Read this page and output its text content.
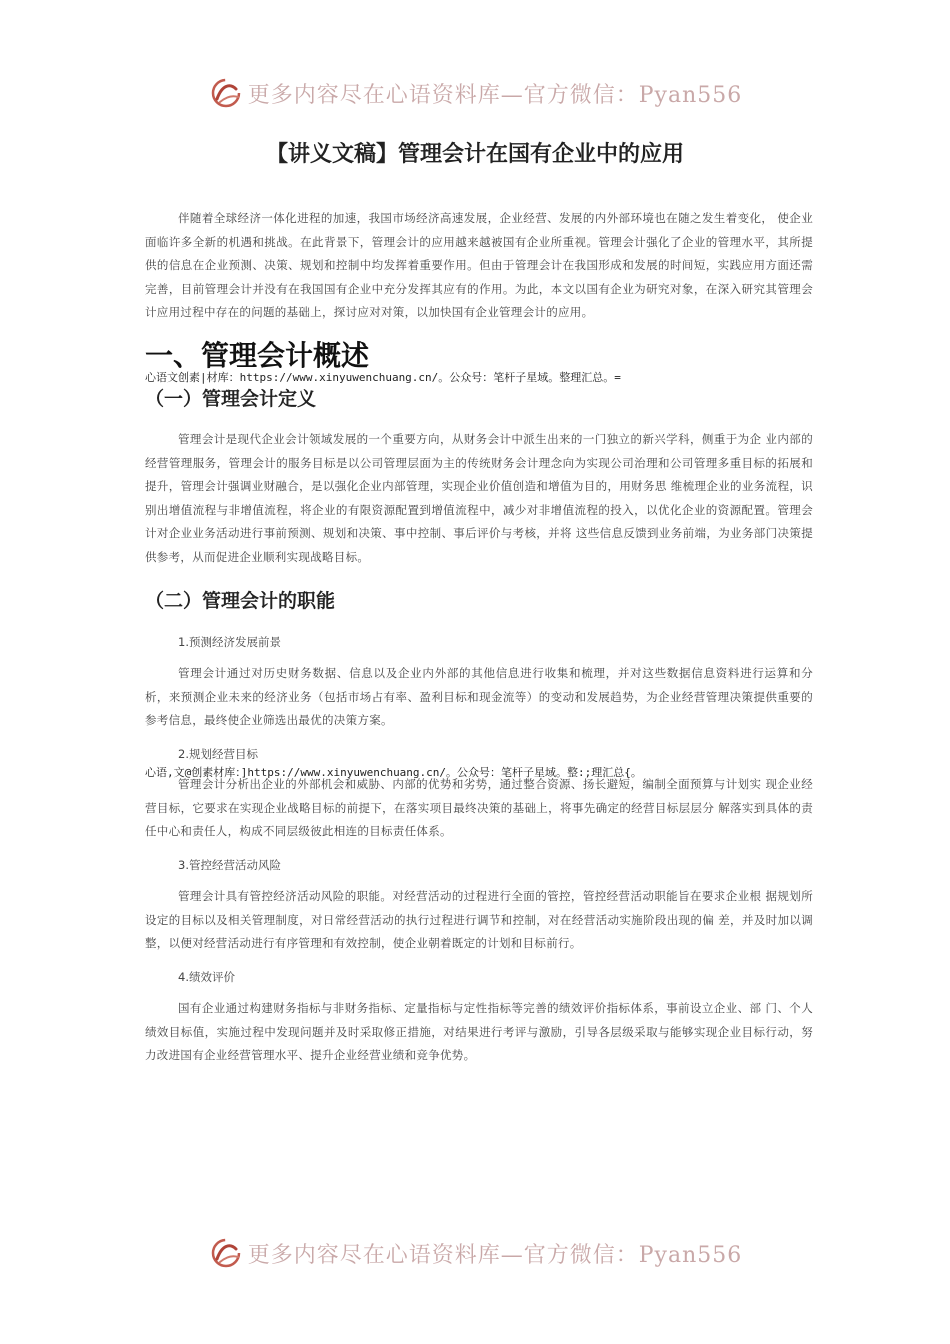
更多内容尽在心语资料库—官方微信：Pyan556
【讲义文稿】管理会计在国有企业中的应用

伴随着全球经济一体化进程的加速，我国市场经济高速发展，企业经营、发展的内外部环境也在随之发生着变化， 使企业面临许多全新的机遇和挑战。在此背景下，管理会计的应用越来越被国有企业所重视。管理会计强化了企业的管理水平，其所提供的信息在企业预测、决策、规划和控制中均发挥着重要作用。但由于管理会计在我国形成和发展的时间短，实践应用方面还需完善，目前管理会计并没有在我国国有企业中充分发挥其应有的作用。为此，本文以国有企业为研究对象，在深入研究其管理会计应用过程中存在的问题的基础上，探讨应对对策，以加快国有企业管理会计的应用。

一、管理会计概述

心语文创素|材库：https://www.xinyuwenchuang.cn/。公众号：笔杆子星域。整理汇总。=

（一）管理会计定义

管理会计是现代企业会计领域发展的一个重要方向，从财务会计中派生出来的一门独立的新兴学科，侧重于为企 业内部的经营管理服务，管理会计的服务目标是以公司管理层面为主的传统财务会计理念向为实现公司治理和公司管理多重目标的拓展和提升，管理会计强调业财融合，是以强化企业内部管理，实现企业价值创造和增值为目的，用财务思 维梳理企业的业务流程，识别出增值流程与非增值流程，将企业的有限资源配置到增值流程中，减少对非增值流程的投入，以优化企业的资源配置。管理会计对企业业务活动进行事前预测、规划和决策、事中控制、事后评价与考核，并将 这些信息反馈到业务前端，为业务部门决策提供参考，从而促进企业顺利实现战略目标。

（二）管理会计的职能

1.预测经济发展前景

管理会计通过对历史财务数据、信息以及企业内外部的其他信息进行收集和梳理，并对这些数据信息资料进行运算和分析，来预测企业未来的经济业务（包括市场占有率、盈利目标和现金流等）的变动和发展趋势，为企业经营管理决策提供重要的参考信息，最终使企业筛选出最优的决策方案。

2.规划经营目标

心语,文@创素材库：]https://www.xinyuwenchuang.cn/。公众号：笔杆子星域。整:;理汇总{。

管理会计分析出企业的外部机会和威胁、内部的优势和劣势，通过整合资源、扬长避短，编制全面预算与计划实 现企业经营目标，它要求在实现企业战略目标的前提下，在落实项目最终决策的基础上，将事先确定的经营目标层层分 解落实到具体的责任中心和责任人，构成不同层级彼此相连的目标责任体系。

3.管控经营活动风险

管理会计具有管控经济活动风险的职能。对经营活动的过程进行全面的管控，管控经营活动职能旨在要求企业根 据规划所设定的目标以及相关管理制度，对日常经营活动的执行过程进行调节和控制，对在经营活动实施阶段出现的偏 差，并及时加以调整，以便对经营活动进行有序管理和有效控制，使企业朝着既定的计划和目标前行。

4.绩效评价

国有企业通过构建财务指标与非财务指标、定量指标与定性指标等完善的绩效评价指标体系，事前设立企业、部 门、个人绩效目标值，实施过程中发现问题并及时采取修正措施，对结果进行考评与激励，引导各层级采取与能够实现企业目标行动，努力改进国有企业经营管理水平、提升企业经营业绩和竞争优势。

更多内容尽在心语资料库—官方微信：Pyan556
